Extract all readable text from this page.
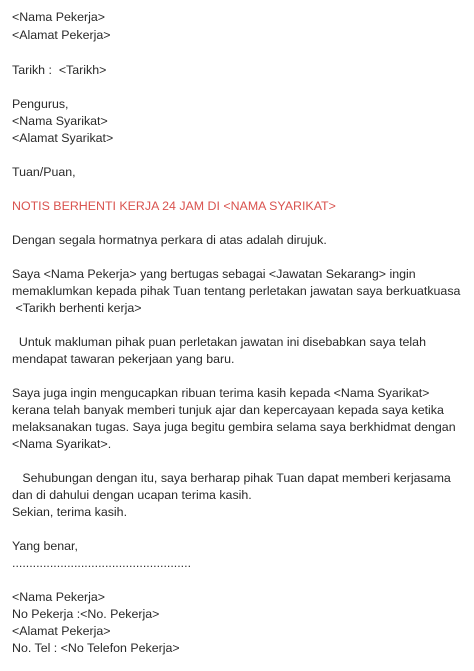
<Nama Pekerja>
<Alamat Pekerja>
Tarikh :  <Tarikh>
Pengurus,
<Nama Syarikat>
<Alamat Syarikat>
Tuan/Puan,
NOTIS BERHENTI KERJA 24 JAM DI <NAMA SYARIKAT>
Dengan segala hormatnya perkara di atas adalah dirujuk.
Saya <Nama Pekerja> yang bertugas sebagai <Jawatan Sekarang> ingin
memaklumkan kepada pihak Tuan tentang perletakan jawatan saya berkuatkuasa
<Tarikh berhenti kerja>
Untuk makluman pihak puan perletakan jawatan ini disebabkan saya telah
mendapat tawaran pekerjaan yang baru.
Saya juga ingin mengucapkan ribuan terima kasih kepada <Nama Syarikat>
kerana telah banyak memberi tunjuk ajar dan kepercayaan kepada saya ketika
melaksanakan tugas. Saya juga begitu gembira selama saya berkhidmat dengan
<Nama Syarikat>.
Sehubungan dengan itu, saya berharap pihak Tuan dapat memberi kerjasama
dan di dahului dengan ucapan terima kasih.
Sekian, terima kasih.
Yang benar,
....................................................
<Nama Pekerja>
No Pekerja :<No. Pekerja>
<Alamat Pekerja>
No. Tel : <No Telefon Pekerja>
